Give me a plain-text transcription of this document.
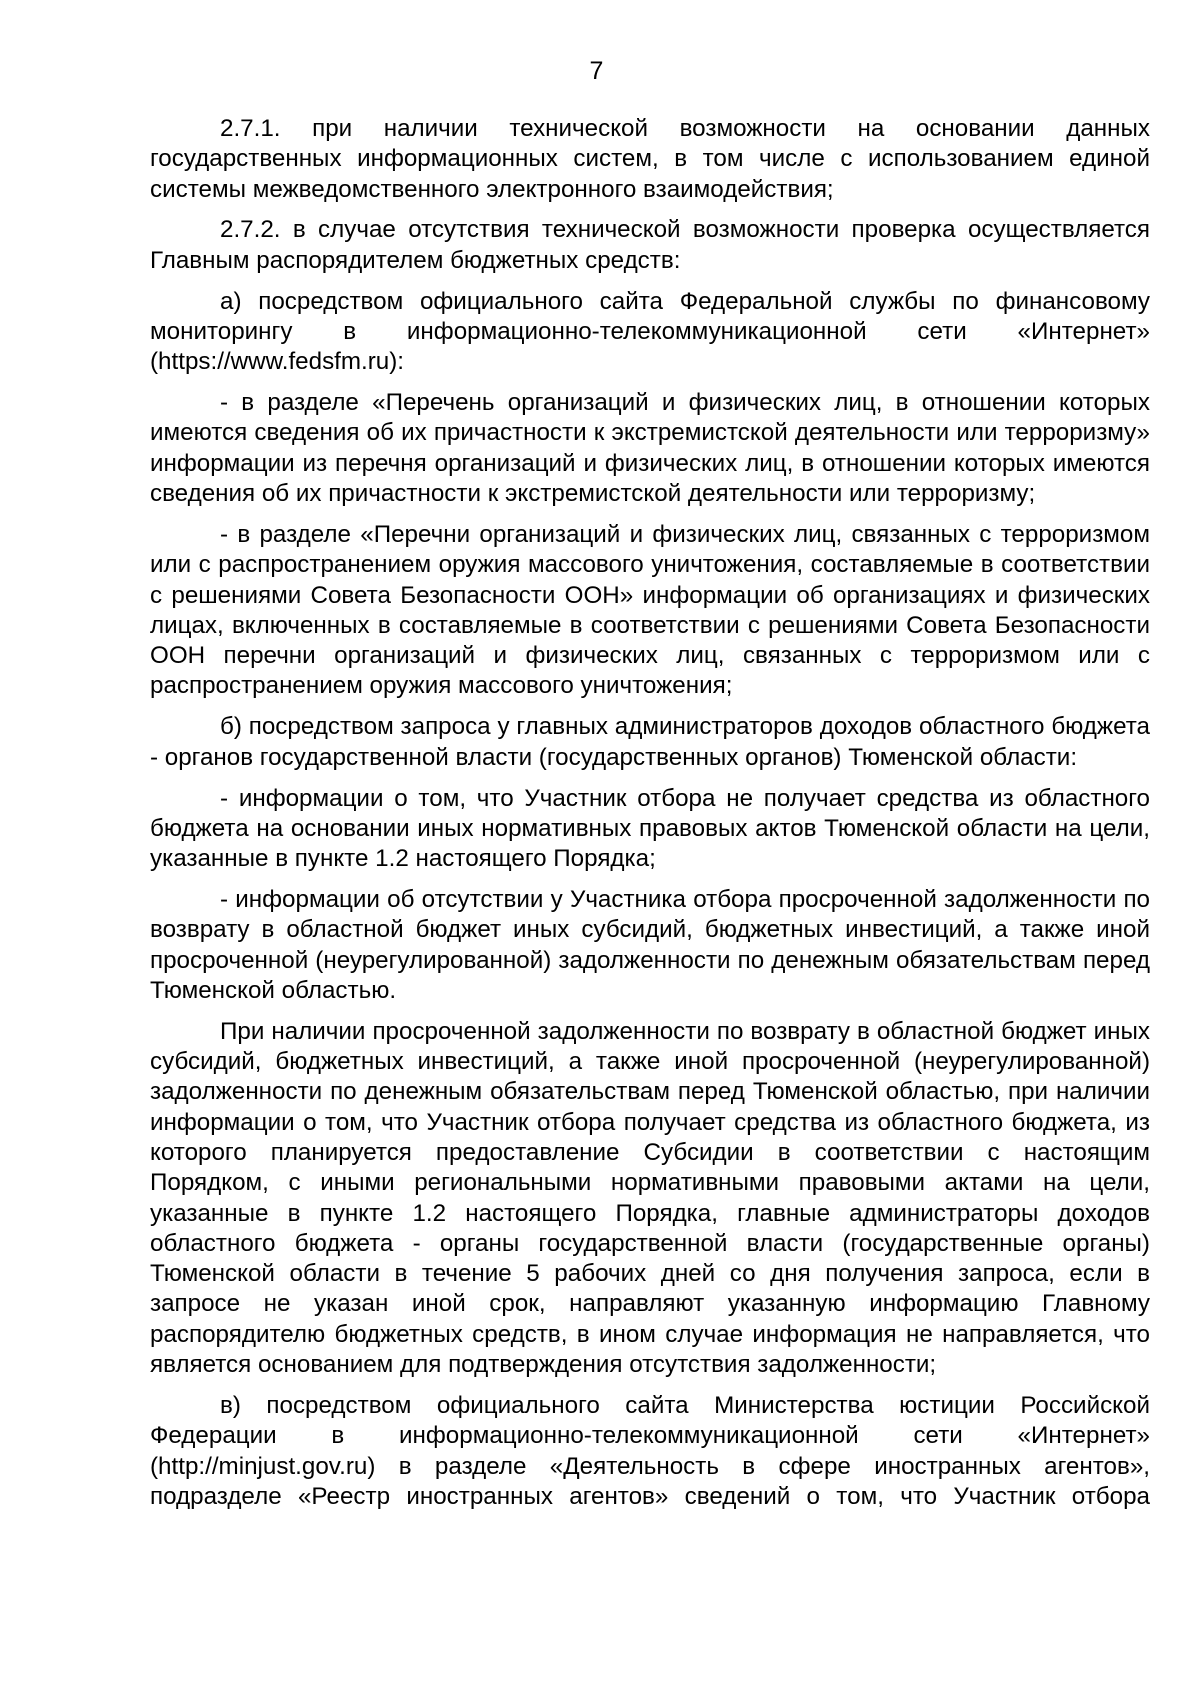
7

2.7.1. при наличии технической возможности на основании данных государственных информационных систем, в том числе с использованием единой системы межведомственного электронного взаимодействия;

2.7.2. в случае отсутствия технической возможности проверка осуществляется Главным распорядителем бюджетных средств:

а) посредством официального сайта Федеральной службы по финансовому мониторингу в информационно-телекоммуникационной сети «Интернет» (https://www.fedsfm.ru):

- в разделе «Перечень организаций и физических лиц, в отношении которых имеются сведения об их причастности к экстремистской деятельности или терроризму» информации из перечня организаций и физических лиц, в отношении которых имеются сведения об их причастности к экстремистской деятельности или терроризму;

- в разделе «Перечни организаций и физических лиц, связанных с терроризмом или с распространением оружия массового уничтожения, составляемые в соответствии с решениями Совета Безопасности ООН» информации об организациях и физических лицах, включенных в составляемые в соответствии с решениями Совета Безопасности ООН перечни организаций и физических лиц, связанных с терроризмом или с распространением оружия массового уничтожения;

б) посредством запроса у главных администраторов доходов областного бюджета - органов государственной власти (государственных органов) Тюменской области:

- информации о том, что Участник отбора не получает средства из областного бюджета на основании иных нормативных правовых актов Тюменской области на цели, указанные в пункте 1.2 настоящего Порядка;

- информации об отсутствии у Участника отбора просроченной задолженности по возврату в областной бюджет иных субсидий, бюджетных инвестиций, а также иной просроченной (неурегулированной) задолженности по денежным обязательствам перед Тюменской областью.

При наличии просроченной задолженности по возврату в областной бюджет иных субсидий, бюджетных инвестиций, а также иной просроченной (неурегулированной) задолженности по денежным обязательствам перед Тюменской областью, при наличии информации о том, что Участник отбора получает средства из областного бюджета, из которого планируется предоставление Субсидии в соответствии с настоящим Порядком, с иными региональными нормативными правовыми актами на цели, указанные в пункте 1.2 настоящего Порядка, главные администраторы доходов областного бюджета - органы государственной власти (государственные органы) Тюменской области в течение 5 рабочих дней со дня получения запроса, если в запросе не указан иной срок, направляют указанную информацию Главному распорядителю бюджетных средств, в ином случае информация не направляется, что является основанием для подтверждения отсутствия задолженности;

в) посредством официального сайта Министерства юстиции Российской Федерации в информационно-телекоммуникационной сети «Интернет» (http://minjust.gov.ru) в разделе «Деятельность в сфере иностранных агентов», подразделе «Реестр иностранных агентов» сведений о том, что Участник отбора
